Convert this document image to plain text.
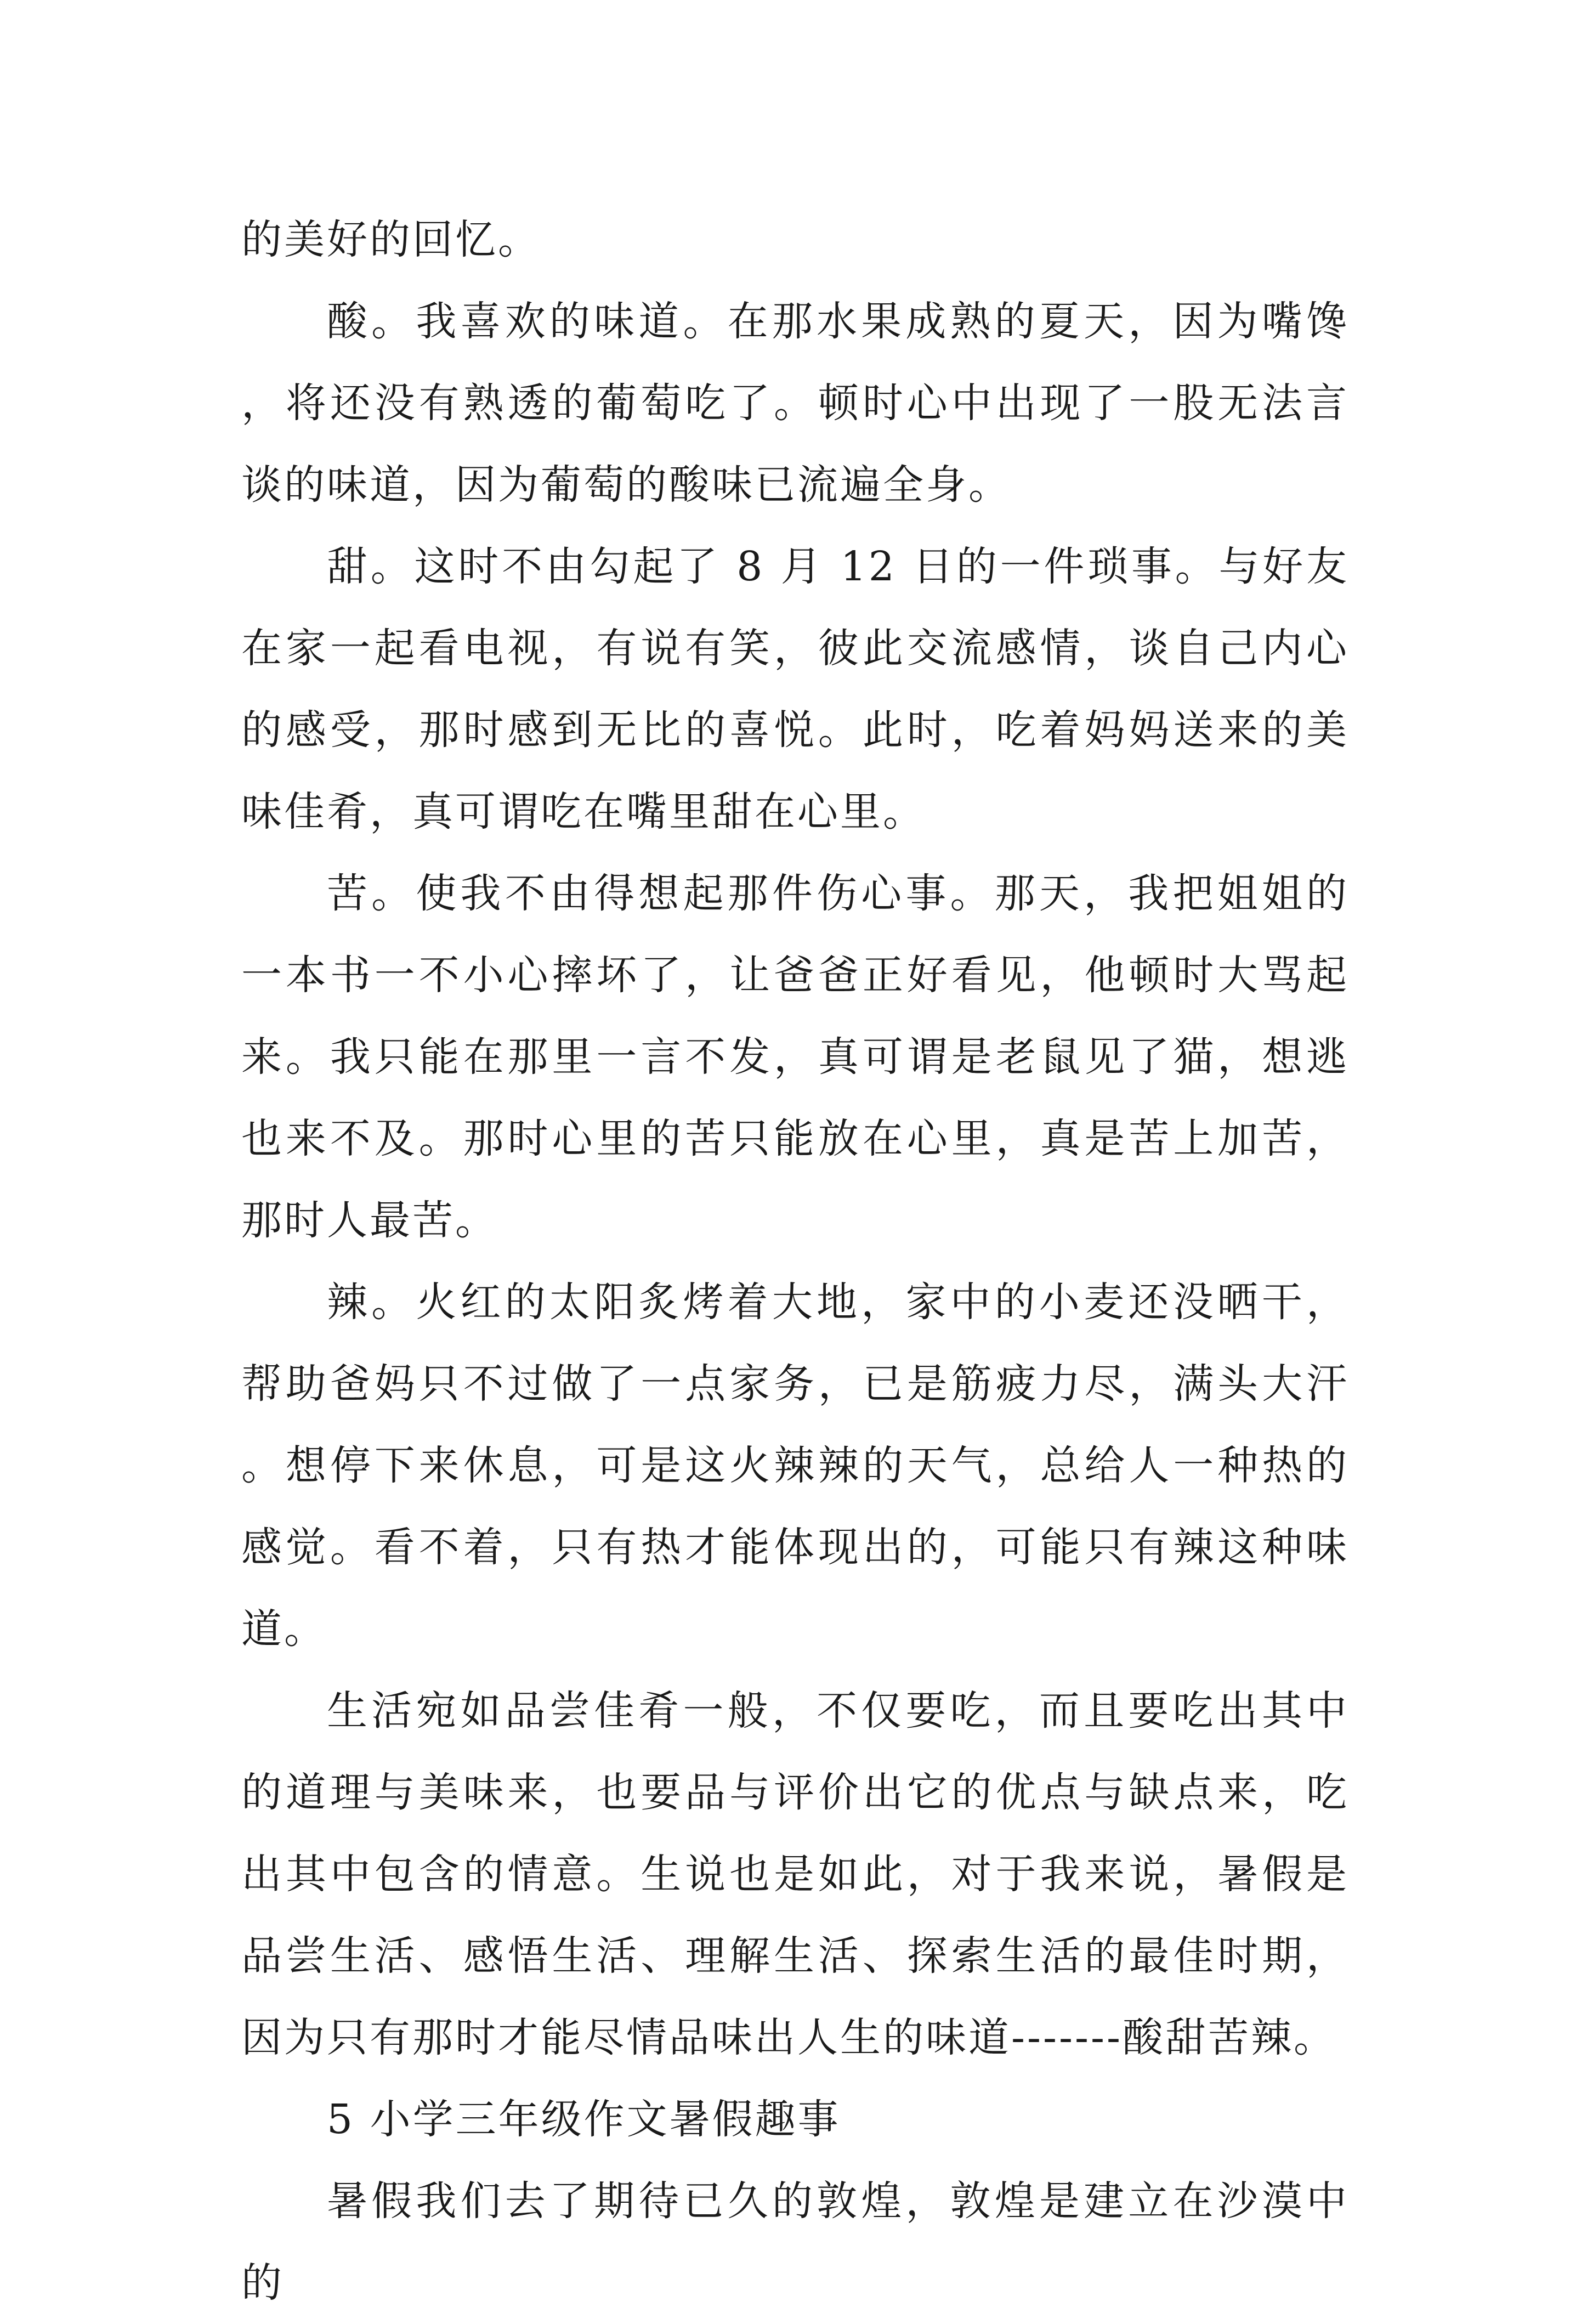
的美好的回忆。

酸。我喜欢的味道。在那水果成熟的夏天，因为嘴馋，将还没有熟透的葡萄吃了。顿时心中出现了一股无法言谈的味道，因为葡萄的酸味已流遍全身。

甜。这时不由勾起了 8 月 12 日的一件琐事。与好友在家一起看电视，有说有笑，彼此交流感情，谈自己内心的感受，那时感到无比的喜悦。此时，吃着妈妈送来的美味佳肴，真可谓吃在嘴里甜在心里。

苦。使我不由得想起那件伤心事。那天，我把姐姐的一本书一不小心摔坏了，让爸爸正好看见，他顿时大骂起来。我只能在那里一言不发，真可谓是老鼠见了猫，想逃也来不及。那时心里的苦只能放在心里，真是苦上加苦，那时人最苦。

辣。火红的太阳炙烤着大地，家中的小麦还没晒干，帮助爸妈只不过做了一点家务，已是筋疲力尽，满头大汗。想停下来休息，可是这火辣辣的天气，总给人一种热的感觉。看不着，只有热才能体现出的，可能只有辣这种味道。

生活宛如品尝佳肴一般，不仅要吃，而且要吃出其中的道理与美味来，也要品与评价出它的优点与缺点来，吃出其中包含的情意。生说也是如此，对于我来说，暑假是品尝生活、感悟生活、理解生活、探索生活的最佳时期，因为只有那时才能尽情品味出人生的味道-------酸甜苦辣。

5 小学三年级作文暑假趣事

暑假我们去了期待已久的敦煌，敦煌是建立在沙漠中的
